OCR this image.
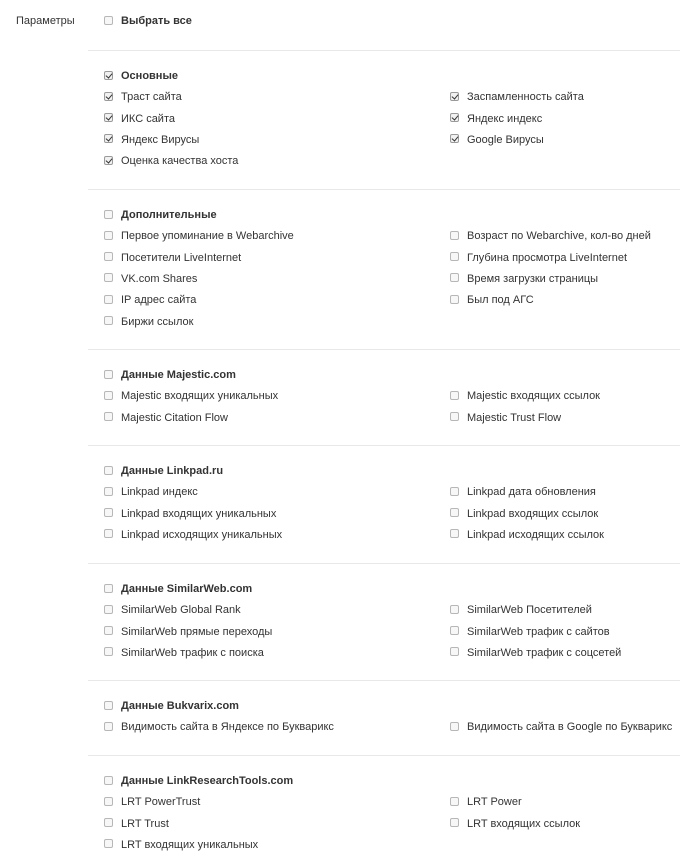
Параметры	Выбрать все
Основные
Траст сайта	Заспамленность сайта
ИКС сайта	Яндекс индекс
Яндекс Вирусы	Google Вирусы
Оценка качества хоста
Дополнительные
Первое упоминание в Webarchive	Возраст по Webarchive, кол-во дней
Посетители LiveInternet	Глубина просмотра LiveInternet
VK.com Shares	Время загрузки страницы
IP адрес сайта	Был под АГС
Биржи ссылок
Данные Majestic.com
Majestic входящих уникальных	Majestic входящих ссылок
Majestic Citation Flow	Majestic Trust Flow
Данные Linkpad.ru
Linkpad индекс	Linkpad дата обновления
Linkpad входящих уникальных	Linkpad входящих ссылок
Linkpad исходящих уникальных	Linkpad исходящих ссылок
Данные SimilarWeb.com
SimilarWeb Global Rank	SimilarWeb Посетителей
SimilarWeb прямые переходы	SimilarWeb трафик с сайтов
SimilarWeb трафик с поиска	SimilarWeb трафик с соцсетей
Данные Bukvarix.com
Видимость сайта в Яндексе по Букварикс	Видимость сайта в Google по Букварикс
Данные LinkResearchTools.com
LRT PowerTrust	LRT Power
LRT Trust	LRT входящих ссылок
LRT входящих уникальных
